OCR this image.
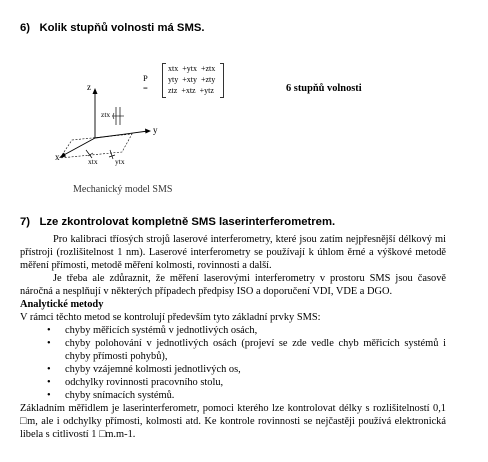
6) Kolik stupňů volnosti má SMS.
P =
xtx  +ytx  +ztx
yty  +xty  +zty
ztz  +xtz  +ytz	6 stupňů volnosti
z
y
x
ztx
xtx ytx
Mechanický model SMS
7) Lze zkontrolovat kompletně SMS laserinterferometrem.
Pro kalibraci tříosých strojů laserové interferometry, které jsou zatím nejpřesnější délkový mi přístroji (rozlišitelnost 1 nm). Laserové interferometry se používají k úhlom ěrné a výškové metodě měření přímosti, metodě měření kolmosti, rovinnosti a další.
Je třeba ale zdůraznit, že měření laserovými interferometry v prostoru SMS jsou časově náročná a nesplňují v některých případech předpisy ISO a doporučení VDI, VDE a DGO.
Analytické metody
V rámci těchto metod se kontrolují především tyto základní prvky SMS:
• chyby měřicích systémů v jednotlivých osách,
• chyby polohování v jednotlivých osách (projeví se zde vedle chyb měřicích systémů i chyby přímosti pohybů),
• chyby vzájemné kolmosti jednotlivých os,
• odchylky rovinnosti pracovního stolu,
• chyby snímacích systémů.
Základním měřidlem je laserinterferometr, pomoci kterého lze kontrolovat délky s rozlišitelností 0,1 □m, ale i odchylky přímosti, kolmosti atd. Ke kontrole rovinnosti se nejčastěji používá elektronická libela s citlivostí 1 □m.m-1.
